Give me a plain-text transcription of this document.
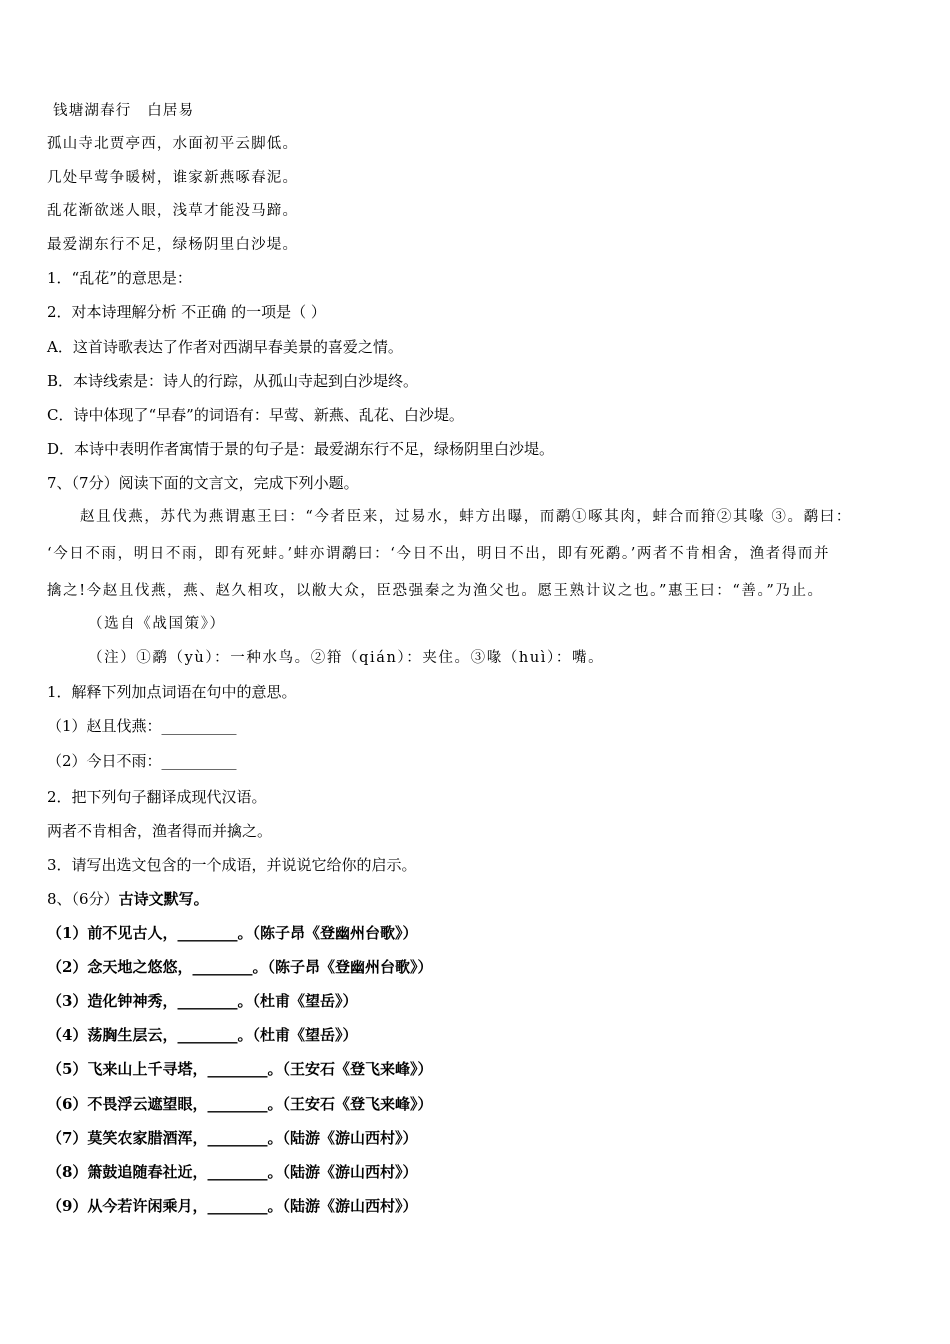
钱塘湖春行　白居易
孤山寺北贾亭西，水面初平云脚低。
几处早莺争暖树，谁家新燕啄春泥。
乱花渐欲迷人眼，浅草才能没马蹄。
最爱湖东行不足，绿杨阴里白沙堤。
1．“乱花”的意思是：
2．对本诗理解分析 不正确 的一项是（ ）
A．这首诗歌表达了作者对西湖早春美景的喜爱之情。
B．本诗线索是：诗人的行踪，从孤山寺起到白沙堤终。
C．诗中体现了“早春”的词语有：早莺、新燕、乱花、白沙堤。
D．本诗中表明作者寓情于景的句子是：最爱湖东行不足，绿杨阴里白沙堤。
7、（7分）阅读下面的文言文，完成下列小题。
赵且伐燕，苏代为燕谓惠王曰：“今者臣来，过易水，蚌方出曝，而鹬①啄其肉，蚌合而箝②其喙 ③。鹬曰：
‘今日不雨，明日不雨，即有死蚌。’蚌亦谓鹬曰：‘今日不出，明日不出，即有死鹬。’两者不肯相舍，渔者得而并
擒之!今赵且伐燕，燕、赵久相攻，以敝大众，臣恐强秦之为渔父也。愿王熟计议之也。”惠王曰：“善。”乃止。
（选自《战国策》）
（注）①鹬（yù）：一种水鸟。②箝（qián）：夹住。③喙（huì）：嘴。
1．解释下列加点词语在句中的意思。
（1）赵且伐燕：__________
（2）今日不雨：__________
2．把下列句子翻译成现代汉语。
两者不肯相舍，渔者得而并擒之。
3．请写出选文包含的一个成语，并说说它给你的启示。
8、（6分）古诗文默写。
（1）前不见古人，________。（陈子昂《登幽州台歌》）
（2）念天地之悠悠，________。（陈子昂《登幽州台歌》）
（3）造化钟神秀，________。（杜甫《望岳》）
（4）荡胸生层云，________。（杜甫《望岳》）
（5）飞来山上千寻塔，________。（王安石《登飞来峰》）
（6）不畏浮云遮望眼，________。（王安石《登飞来峰》）
（7）莫笑农家腊酒浑，________。（陆游《游山西村》）
（8）箫鼓追随春社近，________。（陆游《游山西村》）
（9）从今若许闲乘月，________。（陆游《游山西村》）
